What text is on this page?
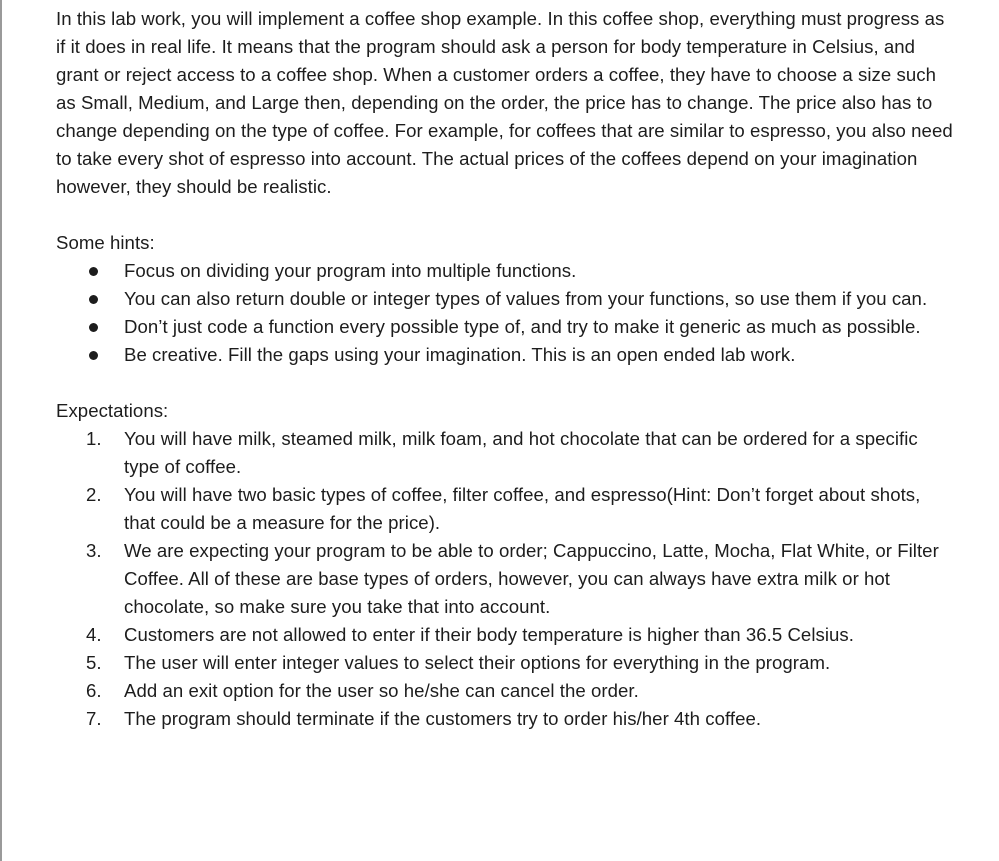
In this lab work, you will implement a coffee shop example. In this coffee shop, everything must progress as if it does in real life. It means that the program should ask a person for body temperature in Celsius, and grant or reject access to a coffee shop. When a customer orders a coffee, they have to choose a size such as Small, Medium, and Large then, depending on the order, the price has to change. The price also has to change depending on the type of coffee. For example, for coffees that are similar to espresso, you also need to take every shot of espresso into account. The actual prices of the coffees depend on your imagination however, they should be realistic.

Some hints:

Focus on dividing your program into multiple functions.
You can also return double or integer types of values from your functions, so use them if you can.
Don’t just code a function every possible type of, and try to make it generic as much as possible.
Be creative. Fill the gaps using your imagination. This is an open ended lab work.

Expectations:

1. You will have milk, steamed milk, milk foam, and hot chocolate that can be ordered for a specific type of coffee.
2. You will have two basic types of coffee, filter coffee, and espresso(Hint: Don’t forget about shots, that could be a measure for the price).
3. We are expecting your program to be able to order; Cappuccino, Latte, Mocha, Flat White, or Filter Coffee. All of these are base types of orders, however, you can always have extra milk or hot chocolate, so make sure you take that into account.
4. Customers are not allowed to enter if their body temperature is higher than 36.5 Celsius.
5. The user will enter integer values to select their options for everything in the program.
6. Add an exit option for the user so he/she can cancel the order.
7. The program should terminate if the customers try to order his/her 4th coffee.
